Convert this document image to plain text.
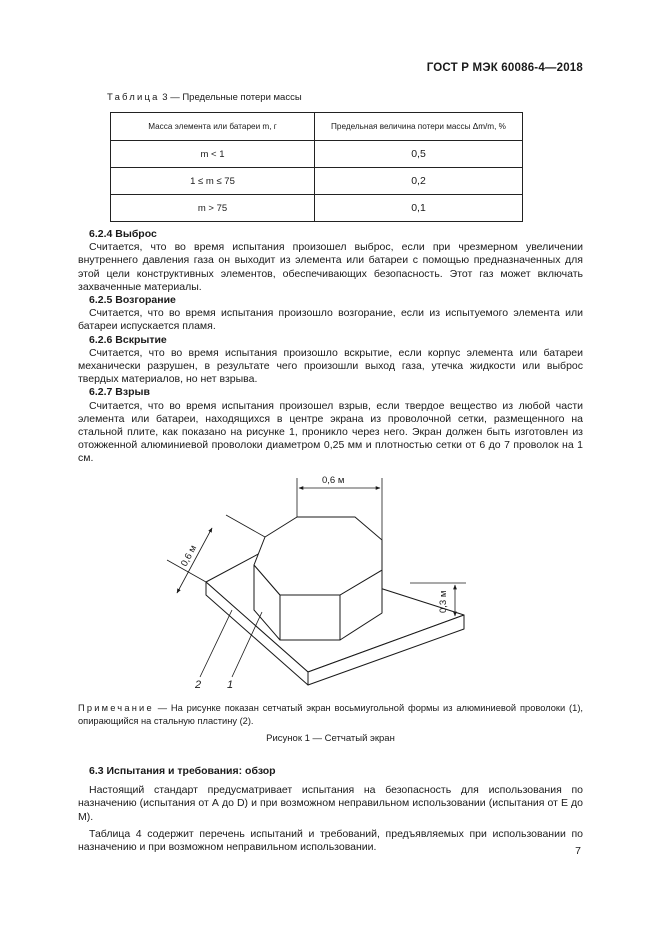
ГОСТ Р МЭК 60086-4—2018
Таблица 3 — Предельные потери массы
Масса элемента или батареи m, г	Предельная величина потери массы Δm/m, %
m < 1	0,5
1 ≤ m ≤ 75	0,2
m > 75	0,1
6.2.4 Выброс
Считается, что во время испытания произошел выброс, если при чрезмерном увеличении внутреннего давления газа он выходит из элемента или батареи с помощью предназначенных для этой цели конструктивных элементов, обеспечивающих безопасность. Этот газ может включать захваченные материалы.
6.2.5 Возгорание
Считается, что во время испытания произошло возгорание, если из испытуемого элемента или батареи испускается пламя.
6.2.6 Вскрытие
Считается, что во время испытания произошло вскрытие, если корпус элемента или батареи механически разрушен, в результате чего произошли выход газа, утечка жидкости или выброс твердых материалов, но нет взрыва.
6.2.7 Взрыв
Считается, что во время испытания произошел взрыв, если твердое вещество из любой части элемента или батареи, находящихся в центре экрана из проволочной сетки, размещенного на стальной плите, как показано на рисунке 1, проникло через него. Экран должен быть изготовлен из отожженной алюминиевой проволоки диаметром 0,25 мм и плотностью сетки от 6 до 7 проволок на 1 см.
0,6 м
0,6 м
0,3 м
2 1
Примечание — На рисунке показан сетчатый экран восьмиугольной формы из алюминиевой проволоки (1), опирающийся на стальную пластину (2).
Рисунок 1 — Сетчатый экран
6.3 Испытания и требования: обзор
Настоящий стандарт предусматривает испытания на безопасность для использования по назначению (испытания от А до D) и при возможном неправильном использовании (испытания от Е до М).
Таблица 4 содержит перечень испытаний и требований, предъявляемых при использовании по назначению и при возможном неправильном использовании.	7
